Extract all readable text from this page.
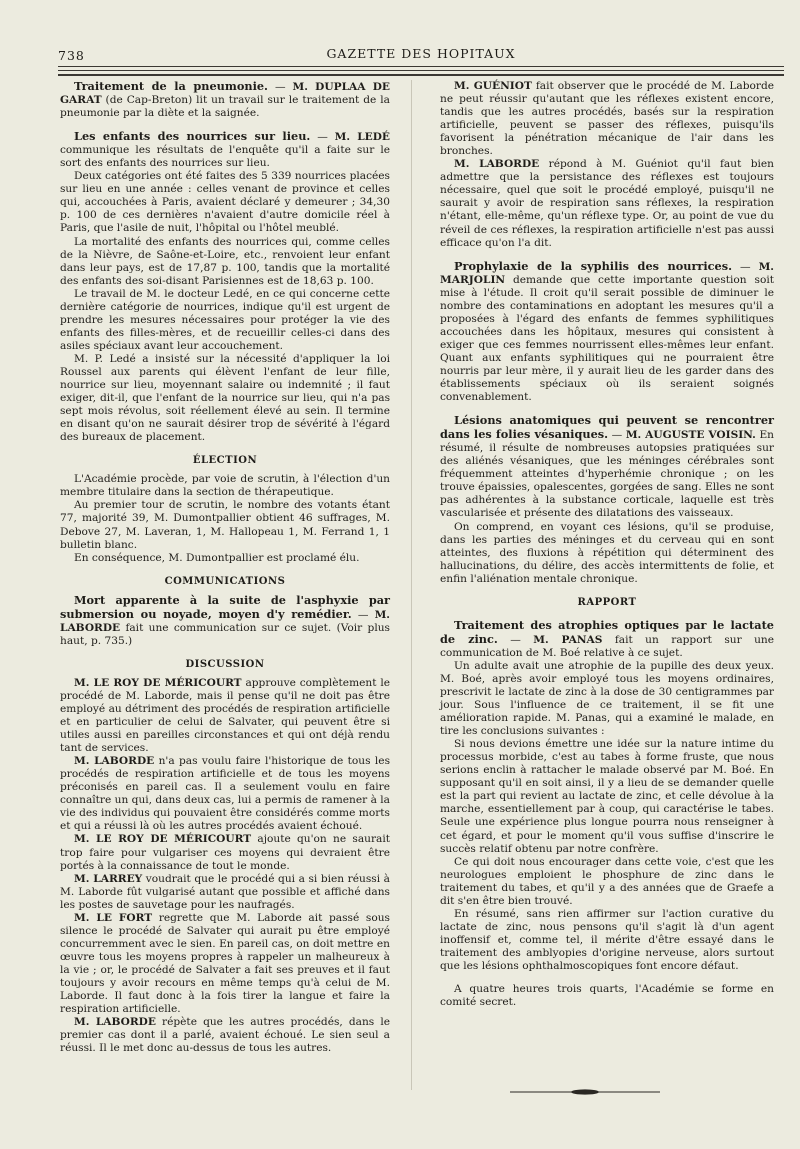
738	GAZETTE DES HOPITAUX

Traitement de la pneumonie. — M. DUPLAA DE GARAT (de Cap-Breton) lit un travail sur le traitement de la pneumonie par la diète et la saignée.

Les enfants des nourrices sur lieu. — M. LEDÉ communique les résultats de l'enquête qu'il a faite sur le sort des enfants des nourrices sur lieu.

Deux catégories ont été faites des 5 339 nourrices placées sur lieu en une année : celles venant de province et celles qui, accouchées à Paris, avaient déclaré y demeurer ; 34,30 p. 100 de ces dernières n'avaient d'autre domicile réel à Paris, que l'asile de nuit, l'hôpital ou l'hôtel meublé.

La mortalité des enfants des nourrices qui, comme celles de la Nièvre, de Saône-et-Loire, etc., renvoient leur enfant dans leur pays, est de 17,87 p. 100, tandis que la mortalité des enfants des soi-disant Parisiennes est de 18,63 p. 100.

Le travail de M. le docteur Ledé, en ce qui concerne cette dernière catégorie de nourrices, indique qu'il est urgent de prendre les mesures nécessaires pour protéger la vie des enfants des filles-mères, et de recueillir celles-ci dans des asiles spéciaux avant leur accouchement.

M. P. Ledé a insisté sur la nécessité d'appliquer la loi Roussel aux parents qui élèvent l'enfant de leur fille, nourrice sur lieu, moyennant salaire ou indemnité ; il faut exiger, dit-il, que l'enfant de la nourrice sur lieu, qui n'a pas sept mois révolus, soit réellement élevé au sein. Il termine en disant qu'on ne saurait désirer trop de sévérité à l'égard des bureaux de placement.

ÉLECTION

L'Académie procède, par voie de scrutin, à l'élection d'un membre titulaire dans la section de thérapeutique.

Au premier tour de scrutin, le nombre des votants étant 77, majorité 39, M. Dumontpallier obtient 46 suffrages, M. Debove 27, M. Laveran, 1, M. Hallopeau 1, M. Ferrand 1, 1 bulletin blanc.

En conséquence, M. Dumontpallier est proclamé élu.

COMMUNICATIONS

Mort apparente à la suite de l'asphyxie par submersion ou noyade, moyen d'y remédier. — M. LABORDE fait une communication sur ce sujet. (Voir plus haut, p. 735.)

DISCUSSION

M. LE ROY DE MÉRICOURT approuve complètement le procédé de M. Laborde, mais il pense qu'il ne doit pas être employé au détriment des procédés de respiration artificielle et en particulier de celui de Salvater, qui peuvent être si utiles aussi en pareilles circonstances et qui ont déjà rendu tant de services.

M. LABORDE n'a pas voulu faire l'historique de tous les procédés de respiration artificielle et de tous les moyens préconisés en pareil cas. Il a seulement voulu en faire connaître un qui, dans deux cas, lui a permis de ramener à la vie des individus qui pouvaient être considérés comme morts et qui a réussi là où les autres procédés avaient échoué.

M. LE ROY DE MÉRICOURT ajoute qu'on ne saurait trop faire pour vulgariser ces moyens qui devraient être portés à la connaissance de tout le monde.

M. LARREY voudrait que le procédé qui a si bien réussi à M. Laborde fût vulgarisé autant que possible et affiché dans les postes de sauvetage pour les naufragés.

M. LE FORT regrette que M. Laborde ait passé sous silence le procédé de Salvater qui aurait pu être employé concurremment avec le sien. En pareil cas, on doit mettre en œuvre tous les moyens propres à rappeler un malheureux à la vie ; or, le procédé de Salvater a fait ses preuves et il faut toujours y avoir recours en même temps qu'à celui de M. Laborde. Il faut donc à la fois tirer la langue et faire la respiration artificielle.

M. LABORDE répète que les autres procédés, dans le premier cas dont il a parlé, avaient échoué. Le sien seul a réussi. Il le met donc au-dessus de tous les autres.

M. GUÉNIOT fait observer que le procédé de M. Laborde ne peut réussir qu'autant que les réflexes existent encore, tandis que les autres procédés, basés sur la respiration artificielle, peuvent se passer des réflexes, puisqu'ils favorisent la pénétration mécanique de l'air dans les bronches.

M. LABORDE répond à M. Guéniot qu'il faut bien admettre que la persistance des réflexes est toujours nécessaire, quel que soit le procédé employé, puisqu'il ne saurait y avoir de respiration sans réflexes, la respiration n'étant, elle-même, qu'un réflexe type. Or, au point de vue du réveil de ces réflexes, la respiration artificielle n'est pas aussi efficace qu'on l'a dit.

Prophylaxie de la syphilis des nourrices. — M. MARJOLIN demande que cette importante question soit mise à l'étude. Il croit qu'il serait possible de diminuer le nombre des contaminations en adoptant les mesures qu'il a proposées à l'égard des enfants de femmes syphilitiques accouchées dans les hôpitaux, mesures qui consistent à exiger que ces femmes nourrissent elles-mêmes leur enfant. Quant aux enfants syphilitiques qui ne pourraient être nourris par leur mère, il y aurait lieu de les garder dans des établissements spéciaux où ils seraient soignés convenablement.

Lésions anatomiques qui peuvent se rencontrer dans les folies vésaniques. — M. AUGUSTE VOISIN. En résumé, il résulte de nombreuses autopsies pratiquées sur des aliénés vésaniques, que les méninges cérébrales sont fréquemment atteintes d'hyperhémie chronique ; on les trouve épaissies, opalescentes, gorgées de sang. Elles ne sont pas adhérentes à la substance corticale, laquelle est très vascularisée et présente des dilatations des vaisseaux.

On comprend, en voyant ces lésions, qu'il se produise, dans les parties des méninges et du cerveau qui en sont atteintes, des fluxions à répétition qui déterminent des hallucinations, du délire, des accès intermittents de folie, et enfin l'aliénation mentale chronique.

RAPPORT

Traitement des atrophies optiques par le lactate de zinc. — M. PANAS fait un rapport sur une communication de M. Boé relative à ce sujet.

Un adulte avait une atrophie de la pupille des deux yeux. M. Boé, après avoir employé tous les moyens ordinaires, prescrivit le lactate de zinc à la dose de 30 centigrammes par jour. Sous l'influence de ce traitement, il se fit une amélioration rapide. M. Panas, qui a examiné le malade, en tire les conclusions suivantes :

Si nous devions émettre une idée sur la nature intime du processus morbide, c'est au tabes à forme fruste, que nous serions enclin à rattacher le malade observé par M. Boé. En supposant qu'il en soit ainsi, il y a lieu de se demander quelle est la part qui revient au lactate de zinc, et celle dévolue à la marche, essentiellement par à coup, qui caractérise le tabes. Seule une expérience plus longue pourra nous renseigner à cet égard, et pour le moment qu'il vous suffise d'inscrire le succès relatif obtenu par notre confrère.

Ce qui doit nous encourager dans cette voie, c'est que les neurologues emploient le phosphure de zinc dans le traitement du tabes, et qu'il y a des années que de Graefe a dit s'en être bien trouvé.

En résumé, sans rien affirmer sur l'action curative du lactate de zinc, nous pensons qu'il s'agit là d'un agent inoffensif et, comme tel, il mérite d'être essayé dans le traitement des amblyopies d'origine nerveuse, alors surtout que les lésions ophthalmoscopiques font encore défaut.

A quatre heures trois quarts, l'Académie se forme en comité secret.
